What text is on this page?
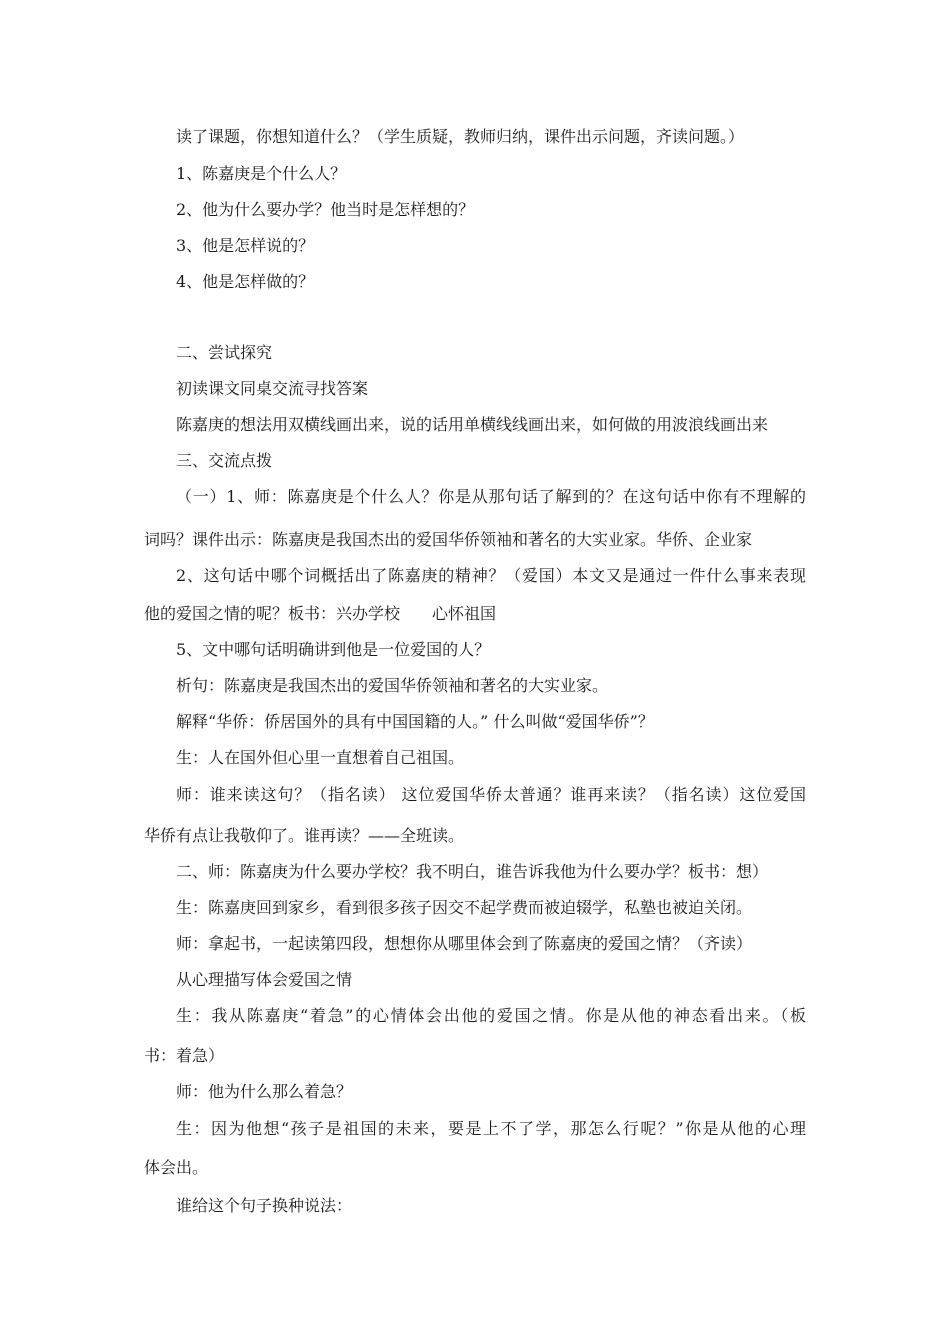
读了课题，你想知道什么？（学生质疑，教师归纳，课件出示问题，齐读问题。）
1、陈嘉庚是个什么人？
2、他为什么要办学？他当时是怎样想的？
3、他是怎样说的？
4、他是怎样做的？
二、尝试探究
初读课文同桌交流寻找答案
陈嘉庚的想法用双横线画出来，说的话用单横线线画出来，如何做的用波浪线画出来
三、交流点拨
（一）1、师：陈嘉庚是个什么人？你是从那句话了解到的？在这句话中你有不理解的
词吗？课件出示：陈嘉庚是我国杰出的爱国华侨领袖和著名的大实业家。华侨、企业家
2、这句话中哪个词概括出了陈嘉庚的精神？（爱国）本文又是通过一件什么事来表现
他的爱国之情的呢？板书：兴办学校　　心怀祖国
5、文中哪句话明确讲到他是一位爱国的人？
析句：陈嘉庚是我国杰出的爱国华侨领袖和著名的大实业家。
解释“华侨：侨居国外的具有中国国籍的人。” 什么叫做“爱国华侨”？
生：人在国外但心里一直想着自己祖国。
师：谁来读这句？（指名读） 这位爱国华侨太普通？谁再来读？（指名读）这位爱国
华侨有点让我敬仰了。谁再读？——全班读。
二、师：陈嘉庚为什么要办学校？我不明白，谁告诉我他为什么要办学？板书：想）
生：陈嘉庚回到家乡，看到很多孩子因交不起学费而被迫辍学，私塾也被迫关闭。
师：拿起书，一起读第四段，想想你从哪里体会到了陈嘉庚的爱国之情？（齐读）
从心理描写体会爱国之情
生：我从陈嘉庚“着急”的心情体会出他的爱国之情。你是从他的神态看出来。（板
书：着急）
师：他为什么那么着急？
生：因为他想“孩子是祖国的未来，要是上不了学，那怎么行呢？”你是从他的心理
体会出。
谁给这个句子换种说法：
